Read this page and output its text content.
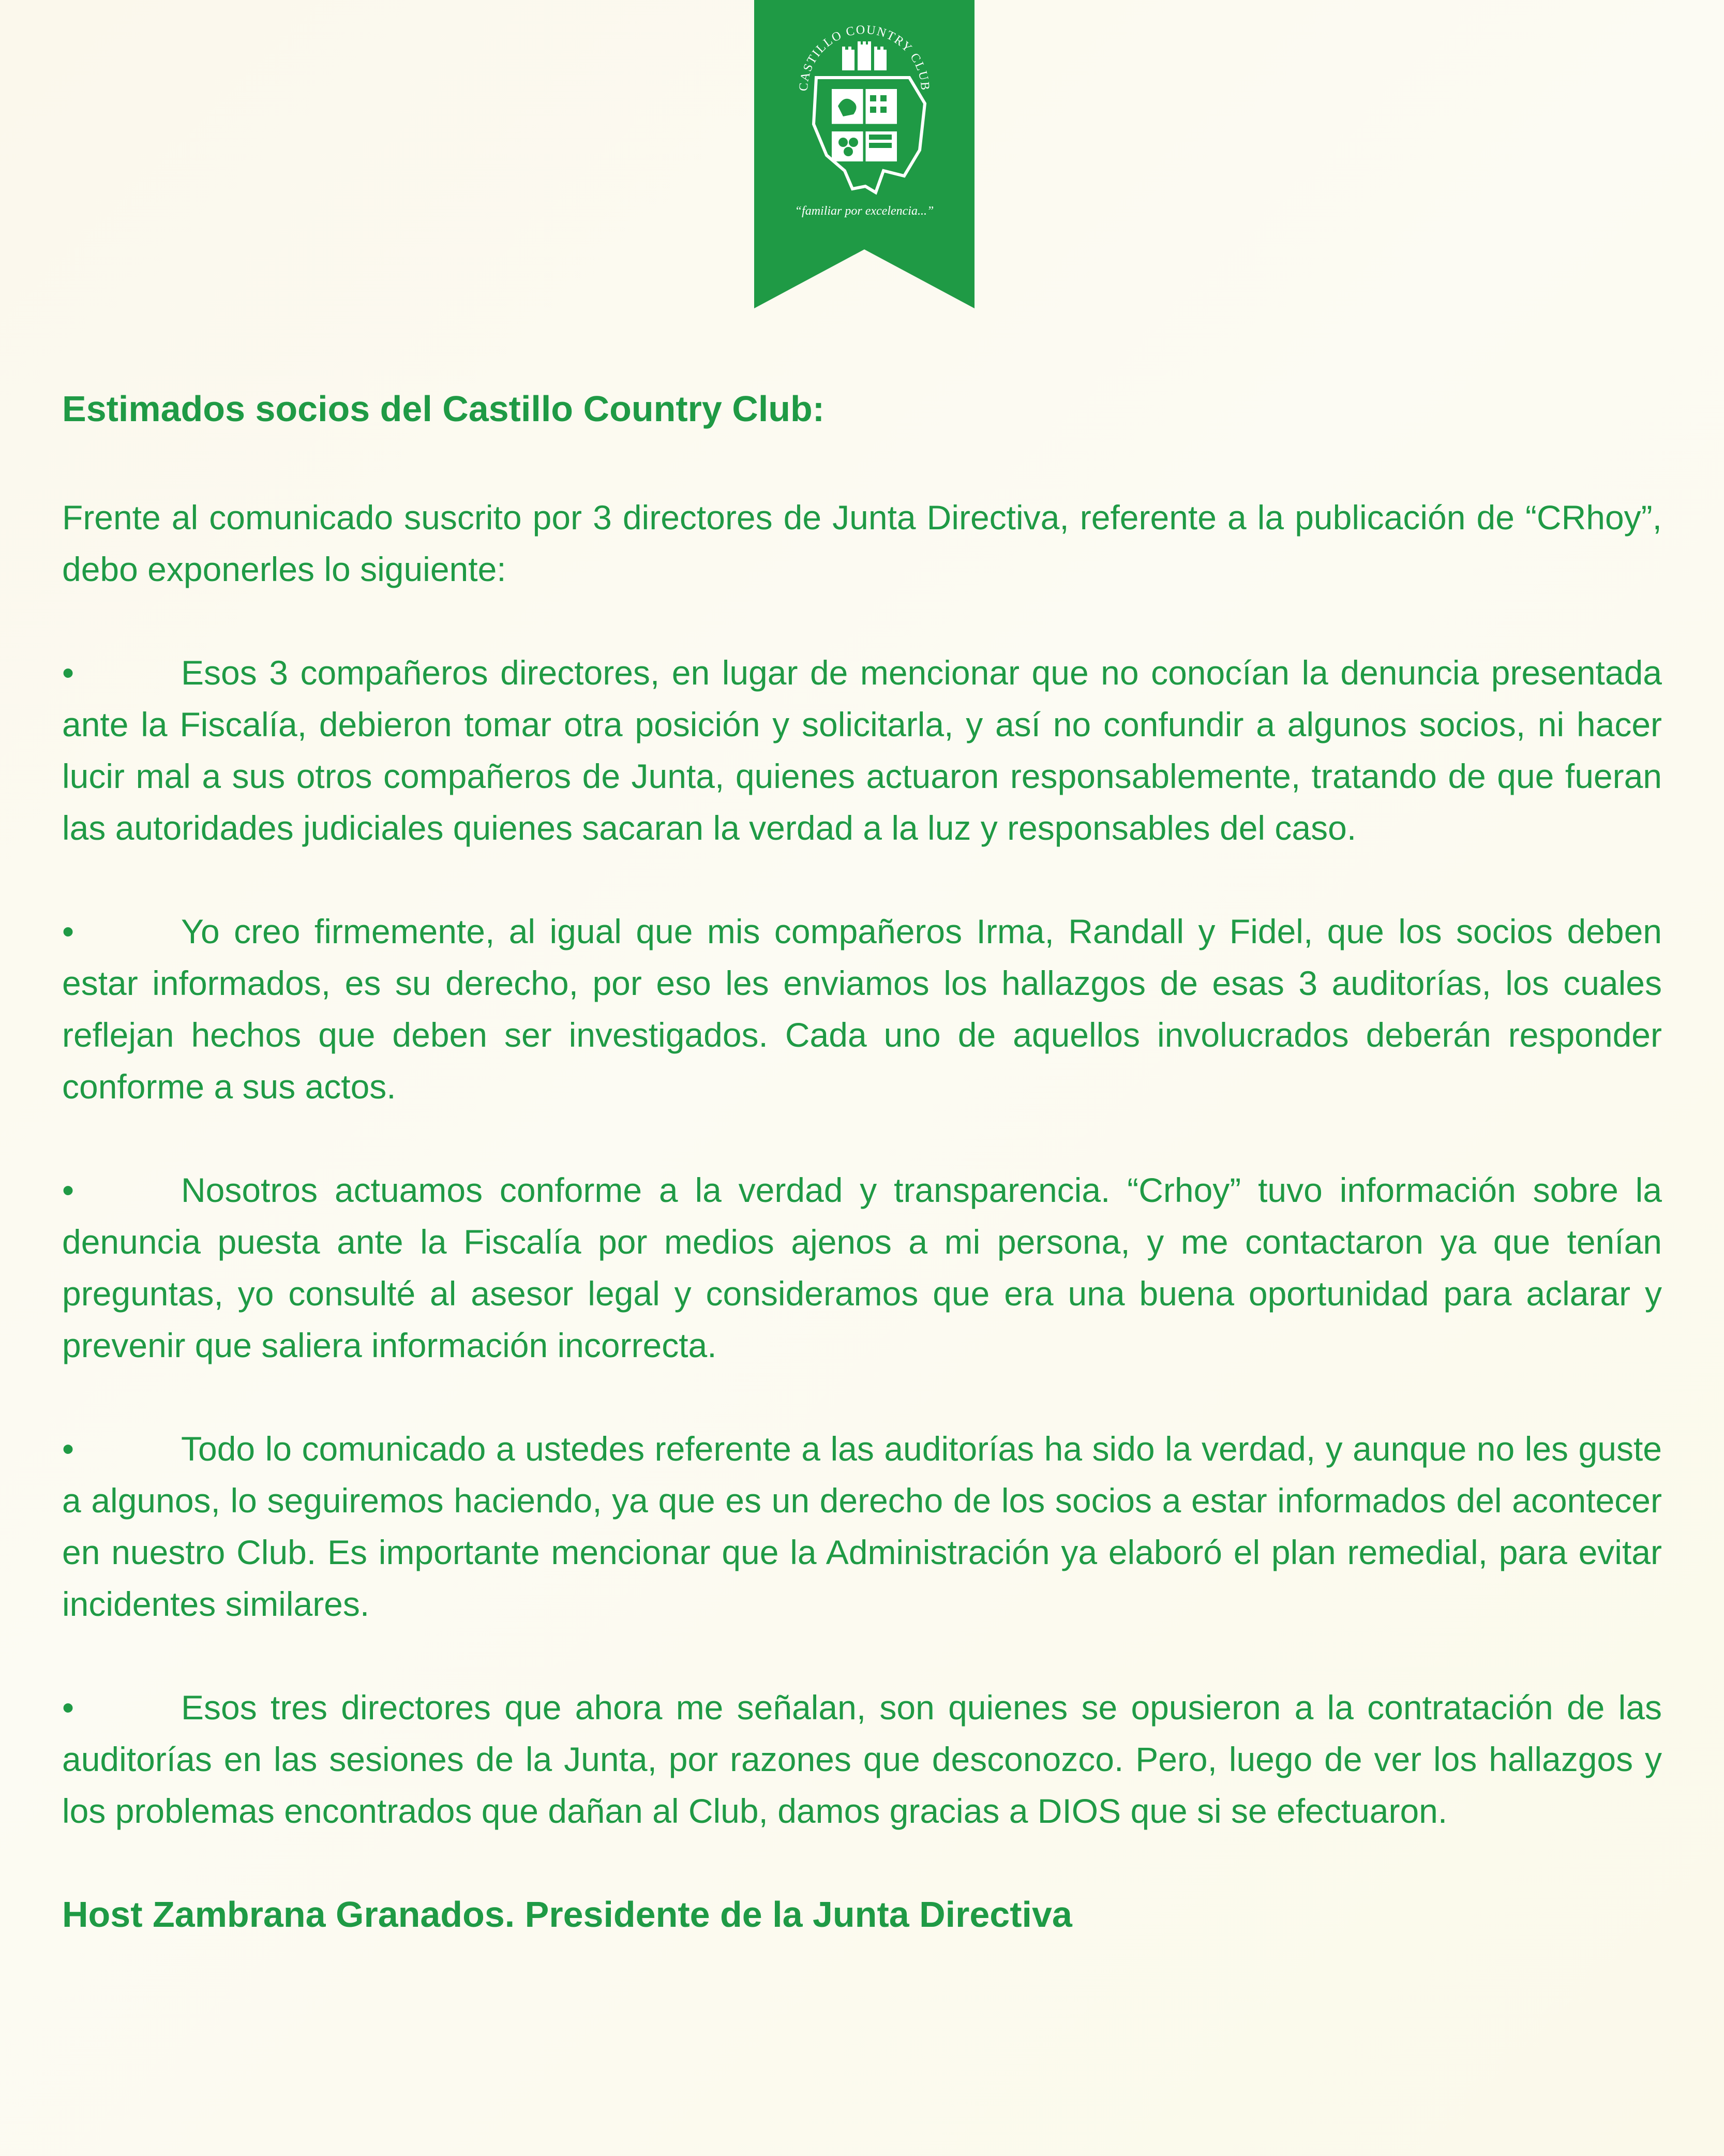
CASTILLO COUNTRY CLUB
“familiar por excelencia...”

Estimados socios del Castillo Country Club:

Frente al comunicado suscrito por 3 directores de Junta Directiva, referente a la publicación de “CRhoy”, debo exponerles lo siguiente:

•	Esos 3 compañeros directores, en lugar de mencionar que no conocían la denuncia presentada ante la Fiscalía, debieron tomar otra posición y solicitarla, y así no confundir a algunos socios, ni hacer lucir mal a sus otros compañeros de Junta, quienes actuaron responsablemente, tratando de que fueran las autoridades judiciales quienes sacaran la verdad a la luz y responsables del caso.
•	Yo creo firmemente, al igual que mis compañeros Irma, Randall y Fidel, que los socios deben estar informados, es su derecho, por eso les enviamos los hallazgos de esas 3 auditorías, los cuales reflejan hechos que deben ser investigados. Cada uno de aquellos involucrados deberán responder conforme a sus actos.
•	Nosotros actuamos conforme a la verdad y transparencia. “Crhoy” tuvo información sobre la denuncia puesta ante la Fiscalía por medios ajenos a mi persona, y me contactaron ya que tenían preguntas, yo consulté al asesor legal y consideramos que era una buena oportunidad para aclarar y prevenir que saliera información incorrecta.
•	Todo lo comunicado a ustedes referente a las auditorías ha sido la verdad, y aunque no les guste a algunos, lo seguiremos haciendo, ya que es un derecho de los socios a estar informados del acontecer en nuestro Club. Es importante mencionar que la Administración ya elaboró el plan remedial, para evitar incidentes similares.
•	Esos tres directores que ahora me señalan, son quienes se opusieron a la contratación de las auditorías en las sesiones de la Junta, por razones que desconozco. Pero, luego de ver los hallazgos y los problemas encontrados que dañan al Club, damos gracias a DIOS que si se efectuaron.

Host Zambrana Granados. Presidente de la Junta Directiva
